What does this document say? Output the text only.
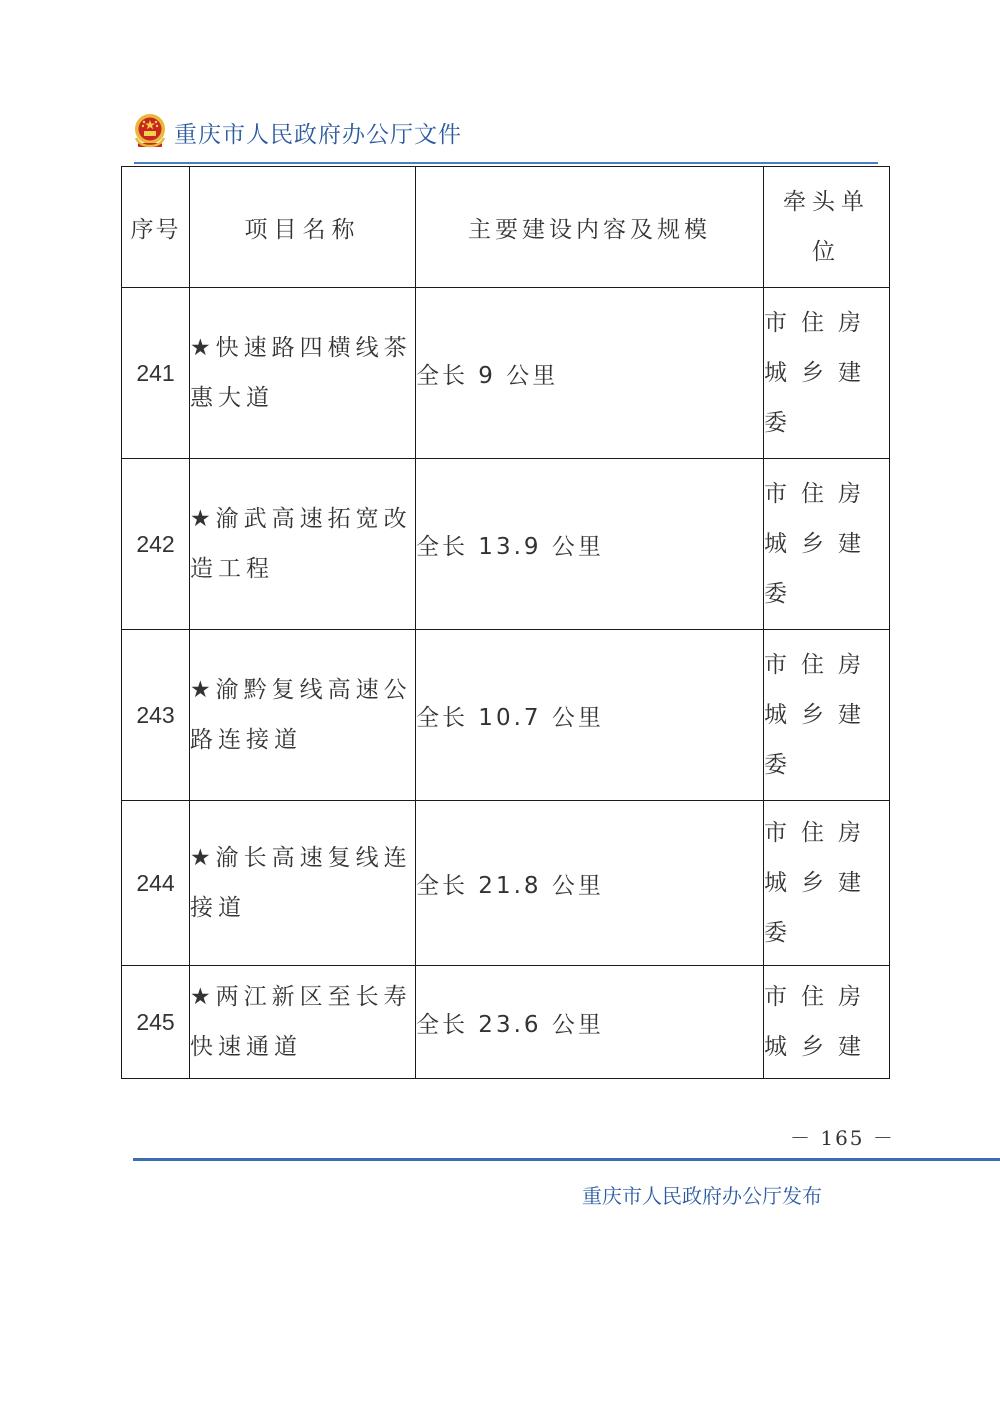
重庆市人民政府办公厅文件
序号	项目名称	主要建设内容及规模	牵头单位
241	★快速路四横线茶惠大道	全长 9 公里	市住房城乡建委
242	★渝武高速拓宽改造工程	全长 13.9 公里	市住房城乡建委
243	★渝黔复线高速公路连接道	全长 10.7 公里	市住房城乡建委
244	★渝长高速复线连接道	全长 21.8 公里	市住房城乡建委
245	★两江新区至长寿快速通道	全长 23.6 公里	市住房城乡建
－ 165 －
重庆市人民政府办公厅发布
